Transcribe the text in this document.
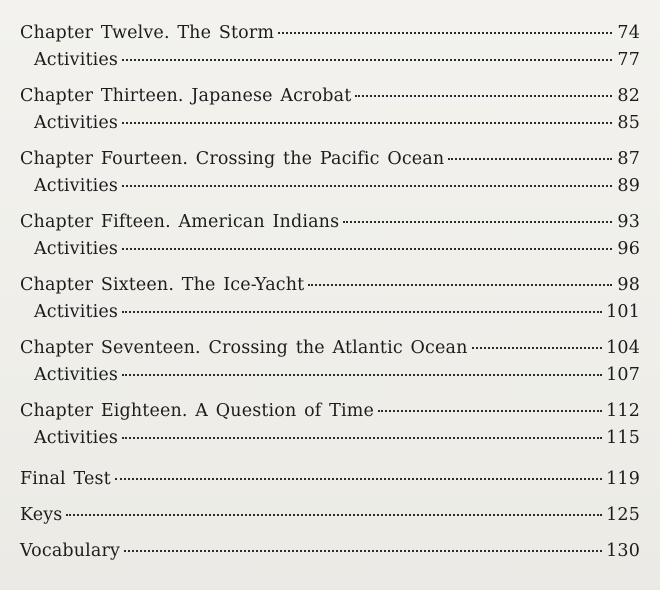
Chapter Twelve. The Storm	74
Activities	77
Chapter Thirteen. Japanese Acrobat	82
Activities	85
Chapter Fourteen. Crossing the Pacific Ocean	87
Activities	89
Chapter Fifteen. American Indians	93
Activities	96
Chapter Sixteen. The Ice-Yacht	98
Activities	101
Chapter Seventeen. Crossing the Atlantic Ocean	104
Activities	107
Chapter Eighteen. A Question of Time	112
Activities	115
Final Test	119
Keys	125
Vocabulary	130
